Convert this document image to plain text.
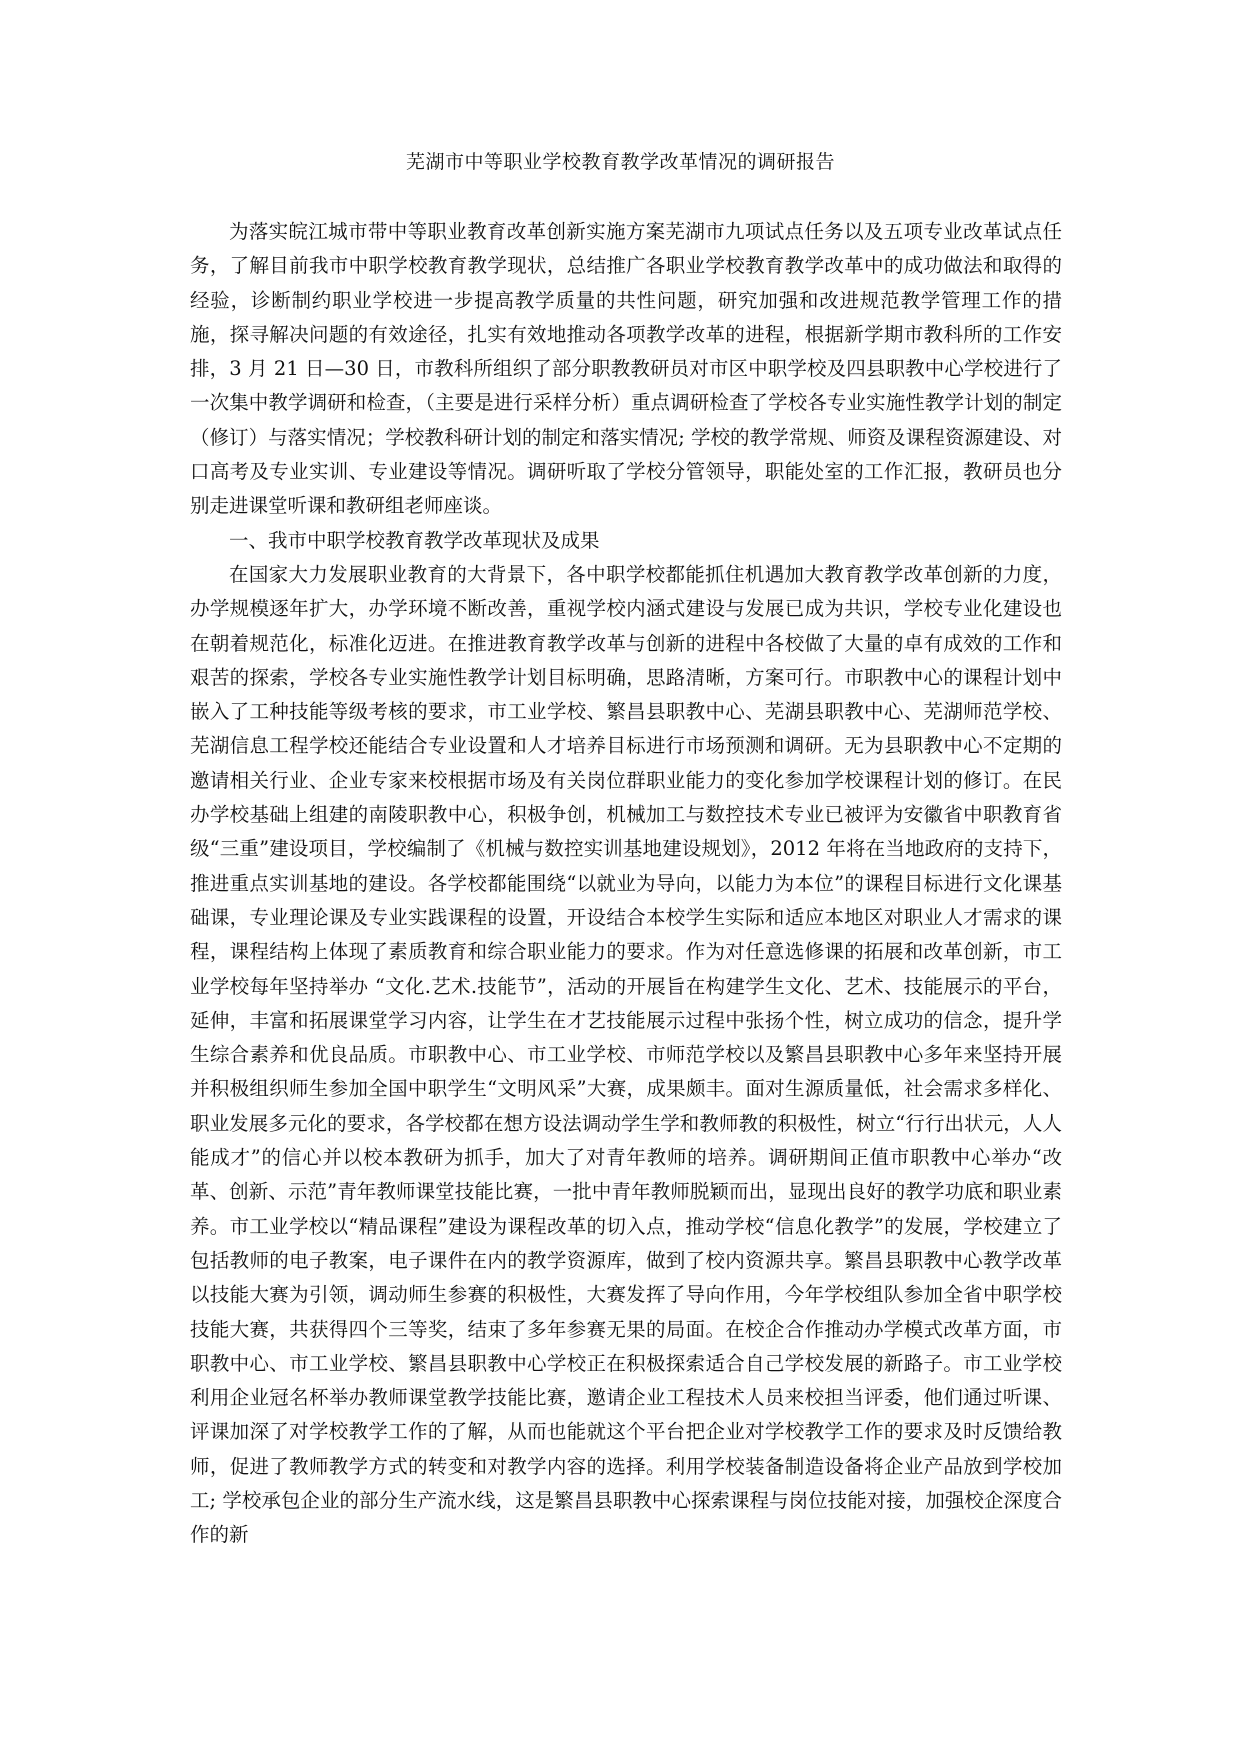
芜湖市中等职业学校教育教学改革情况的调研报告

为落实皖江城市带中等职业教育改革创新实施方案芜湖市九项试点任务以及五项专业改革试点任务，了解目前我市中职学校教育教学现状，总结推广各职业学校教育教学改革中的成功做法和取得的经验，诊断制约职业学校进一步提高教学质量的共性问题，研究加强和改进规范教学管理工作的措施，探寻解决问题的有效途径，扎实有效地推动各项教学改革的进程，根据新学期市教科所的工作安排，3 月 21 日—30 日，市教科所组织了部分职教教研员对市区中职学校及四县职教中心学校进行了一次集中教学调研和检查，（主要是进行采样分析）重点调研检查了学校各专业实施性教学计划的制定（修订）与落实情况；学校教科研计划的制定和落实情况; 学校的教学常规、师资及课程资源建设、对口高考及专业实训、专业建设等情况。调研听取了学校分管领导，职能处室的工作汇报，教研员也分别走进课堂听课和教研组老师座谈。

一、我市中职学校教育教学改革现状及成果

在国家大力发展职业教育的大背景下，各中职学校都能抓住机遇加大教育教学改革创新的力度，办学规模逐年扩大，办学环境不断改善，重视学校内涵式建设与发展已成为共识，学校专业化建设也在朝着规范化，标准化迈进。在推进教育教学改革与创新的进程中各校做了大量的卓有成效的工作和艰苦的探索，学校各专业实施性教学计划目标明确，思路清晰，方案可行。市职教中心的课程计划中嵌入了工种技能等级考核的要求，市工业学校、繁昌县职教中心、芜湖县职教中心、芜湖师范学校、芜湖信息工程学校还能结合专业设置和人才培养目标进行市场预测和调研。无为县职教中心不定期的邀请相关行业、企业专家来校根据市场及有关岗位群职业能力的变化参加学校课程计划的修订。在民办学校基础上组建的南陵职教中心，积极争创，机械加工与数控技术专业已被评为安徽省中职教育省级“三重”建设项目，学校编制了《机械与数控实训基地建设规划》，2012 年将在当地政府的支持下，推进重点实训基地的建设。各学校都能围绕“以就业为导向，以能力为本位”的课程目标进行文化课基础课，专业理论课及专业实践课程的设置，开设结合本校学生实际和适应本地区对职业人才需求的课程，课程结构上体现了素质教育和综合职业能力的要求。作为对任意选修课的拓展和改革创新，市工业学校每年坚持举办 “文化.艺术.技能节”，活动的开展旨在构建学生文化、艺术、技能展示的平台，延伸，丰富和拓展课堂学习内容，让学生在才艺技能展示过程中张扬个性，树立成功的信念，提升学生综合素养和优良品质。市职教中心、市工业学校、市师范学校以及繁昌县职教中心多年来坚持开展并积极组织师生参加全国中职学生“文明风采”大赛，成果颇丰。面对生源质量低，社会需求多样化、职业发展多元化的要求，各学校都在想方设法调动学生学和教师教的积极性，树立“行行出状元，人人能成才”的信心并以校本教研为抓手，加大了对青年教师的培养。调研期间正值市职教中心举办“改革、创新、示范”青年教师课堂技能比赛，一批中青年教师脱颖而出，显现出良好的教学功底和职业素养。市工业学校以“精品课程”建设为课程改革的切入点，推动学校“信息化教学”的发展，学校建立了包括教师的电子教案，电子课件在内的教学资源库，做到了校内资源共享。繁昌县职教中心教学改革以技能大赛为引领，调动师生参赛的积极性，大赛发挥了导向作用，今年学校组队参加全省中职学校技能大赛，共获得四个三等奖，结束了多年参赛无果的局面。在校企合作推动办学模式改革方面，市职教中心、市工业学校、繁昌县职教中心学校正在积极探索适合自己学校发展的新路子。市工业学校利用企业冠名杯举办教师课堂教学技能比赛，邀请企业工程技术人员来校担当评委，他们通过听课、评课加深了对学校教学工作的了解，从而也能就这个平台把企业对学校教学工作的要求及时反馈给教师，促进了教师教学方式的转变和对教学内容的选择。利用学校装备制造设备将企业产品放到学校加工; 学校承包企业的部分生产流水线，这是繁昌县职教中心探索课程与岗位技能对接，加强校企深度合作的新
